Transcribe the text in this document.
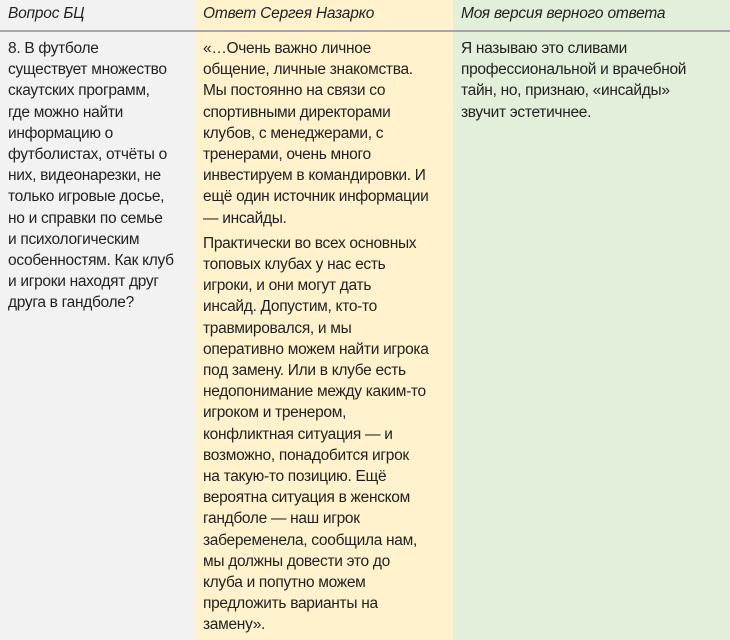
Вопрос БЦ
8. В футболе
существует множество
скаутских программ,
где можно найти
информацию о
футболистах, отчёты о
них, видеонарезки, не
только игровые досье,
но и справки по семье
и психологическим
особенностям. Как клуб
и игроки находят друг
друга в гандболе?
Ответ Сергея Назарко
«…Очень важно личное
общение, личные знакомства.
Мы постоянно на связи со
спортивными директорами
клубов, с менеджерами, с
тренерами, очень много
инвестируем в командировки. И
ещё один источник информации
— инсайды.
Практически во всех основных
топовых клубах у нас есть
игроки, и они могут дать
инсайд. Допустим, кто-то
травмировался, и мы
оперативно можем найти игрока
под замену. Или в клубе есть
недопонимание между каким-то
игроком и тренером,
конфликтная ситуация — и
возможно, понадобится игрок
на такую-то позицию. Ещё
вероятна ситуация в женском
гандболе — наш игрок
забеременела, сообщила нам,
мы должны довести это до
клуба и попутно можем
предложить варианты на
замену».
Моя версия верного ответа
Я называю это сливами
профессиональной и врачебной
тайн, но, признаю, «инсайды»
звучит эстетичнее.
